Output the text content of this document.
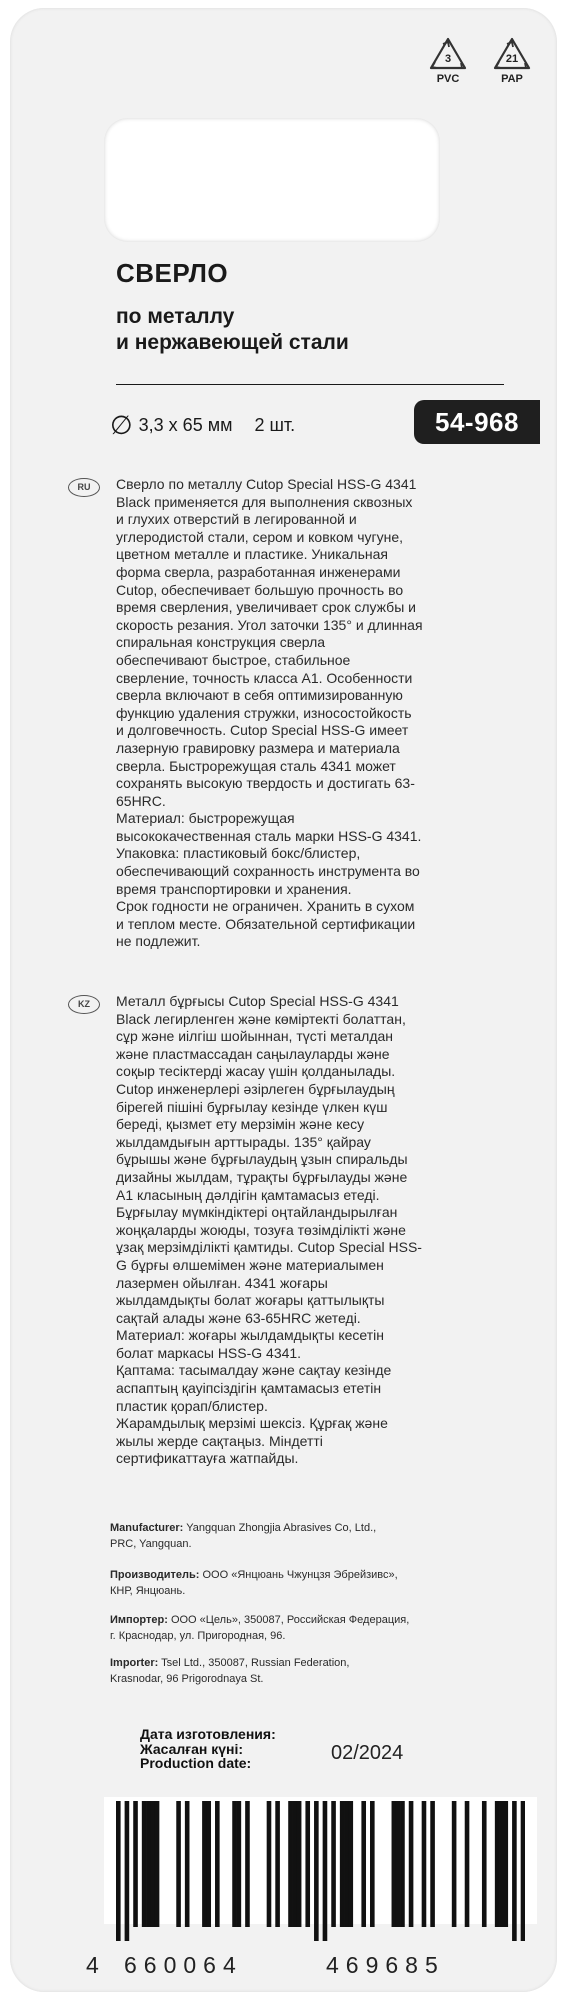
3
PVC
21
PAP
СВЕРЛО
по металлу
и нержавеющей стали
∅ 3,3 х 65 мм 2 шт.	54-968
RU	Сверло по металлу Cutop Special HSS-G 4341
Black применяется для выполнения сквозных
и глухих отверстий в легированной и
углеродистой стали, сером и ковком чугуне,
цветном металле и пластике. Уникальная
форма сверла, разработанная инженерами
Cutop, обеспечивает большую прочность во
время сверления, увеличивает срок службы и
скорость резания. Угол заточки 135° и длинная
спиральная конструкция сверла
обеспечивают быстрое, стабильное
сверление, точность класса А1. Особенности
сверла включают в себя оптимизированную
функцию удаления стружки, износостойкость
и долговечность. Cutop Special HSS-G имеет
лазерную гравировку размера и материала
сверла. Быстрорежущая сталь 4341 может
сохранять высокую твердость и достигать 63-
65HRC.
Материал: быстрорежущая
высококачественная сталь марки HSS-G 4341.
Упаковка: пластиковый бокс/блистер,
обеспечивающий сохранность инструмента во
время транспортировки и хранения.
Срок годности не ограничен. Хранить в сухом
и теплом месте. Обязательной сертификации
не подлежит.
KZ	Металл бұрғысы Cutop Special HSS-G 4341
Black легирленген және көміртекті болаттан,
сұр және иілгіш шойыннан, түсті металдан
және пластмассадан саңылауларды және
соқыр тесіктерді жасау үшін қолданылады.
Cutop инженерлері әзірлеген бұрғылаудың
бірегей пішіні бұрғылау кезінде үлкен күш
береді, қызмет ету мерзімін және кесу
жылдамдығын арттырады. 135° қайрау
бұрышы және бұрғылаудың ұзын спиральды
дизайны жылдам, тұрақты бұрғылауды және
A1 класының дәлдігін қамтамасыз етеді.
Бұрғылау мүмкіндіктері оңтайландырылған
жоңқаларды жоюды, тозуға төзімділікті және
ұзақ мерзімділікті қамтиды. Cutop Special HSS-
G бұрғы өлшемімен және материалымен
лазермен ойылған. 4341 жоғары
жылдамдықты болат жоғары қаттылықты
сақтай алады және 63-65HRC жетеді.
Материал: жоғары жылдамдықты кесетін
болат маркасы HSS-G 4341.
Қаптама: тасымалдау және сақтау кезінде
аспаптың қауіпсіздігін қамтамасыз ететін
пластик қорап/блистер.
Жарамдылық мерзімі шексіз. Құрғақ және
жылы жерде сақтаңыз. Міндетті
сертификаттауға жатпайды.
Manufacturer: Yangquan Zhongjia Abrasives Co, Ltd.,
PRC, Yangquan.
Производитель: ООО «Янцюань Чжунцзя Эбрейзивс»,
КНР, Янцюань.
Импортер: ООО «Цель», 350087, Российская Федерация,
г. Краснодар, ул. Пригородная, 96.
Importer: Tsel Ltd., 350087, Russian Federation,
Krasnodar, 96 Prigorodnaya St.
Дата изготовления:
Жасалған күні:
Production date:	02/2024
4 660064	469685
